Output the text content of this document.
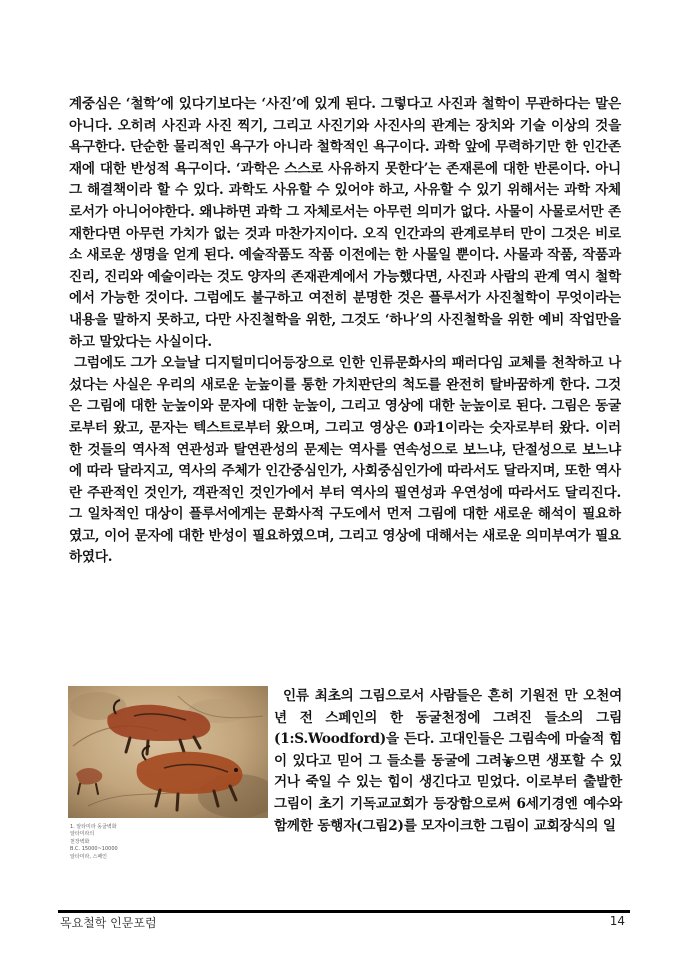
계중심은 ‘철학’에 있다기보다는 ‘사진’에 있게 된다. 그렇다고 사진과 철학이 무관하다는 말은 아니다. 오히려 사진과 사진 찍기, 그리고 사진기와 사진사의 관계는 장치와 기술 이상의 것을 욕구한다. 단순한 물리적인 욕구가 아니라 철학적인 욕구이다. 과학 앞에 무력하기만 한 인간존재에 대한 반성적 욕구이다. ‘과학은 스스로 사유하지 못한다’는 존재론에 대한 반론이다. 아니 그 해결책이라 할 수 있다. 과학도 사유할 수 있어야 하고, 사유할 수 있기 위해서는 과학 자체로서가 아니어야한다. 왜냐하면 과학 그 자체로서는 아무런 의미가 없다. 사물이 사물로서만 존재한다면 아무런 가치가 없는 것과 마찬가지이다. 오직 인간과의 관계로부터 만이 그것은 비로소 새로운 생명을 얻게 된다. 예술작품도 작품 이전에는 한 사물일 뿐이다. 사물과 작품, 작품과 진리, 진리와 예술이라는 것도 양자의 존재관계에서 가능했다면, 사진과 사람의 관계 역시 철학에서 가능한 것이다. 그럼에도 불구하고 여전히 분명한 것은 플루서가 사진철학이 무엇이라는 내용을 말하지 못하고, 다만 사진철학을 위한, 그것도 ‘하나’의 사진철학을 위한 예비 작업만을 하고 말았다는 사실이다.

그럼에도 그가 오늘날 디지털미디어등장으로 인한 인류문화사의 패러다임 교체를 천착하고 나섰다는 사실은 우리의 새로운 눈높이를 통한 가치판단의 척도를 완전히 탈바꿈하게 한다. 그것은 그림에 대한 눈높이와 문자에 대한 눈높이, 그리고 영상에 대한 눈높이로 된다. 그림은 동굴로부터 왔고, 문자는 텍스트로부터 왔으며, 그리고 영상은 0과1이라는 숫자로부터 왔다. 이러한 것들의 역사적 연관성과 탈연관성의 문제는 역사를 연속성으로 보느냐, 단절성으로 보느냐에 따라 달라지고, 역사의 주체가 인간중심인가, 사회중심인가에 따라서도 달라지며, 또한 역사란 주관적인 것인가, 객관적인 것인가에서 부터 역사의 필연성과 우연성에 따라서도 달리진다. 그 일차적인 대상이 플루서에게는 문화사적 구도에서 먼저 그림에 대한 새로운 해석이 필요하였고, 이어 문자에 대한 반성이 필요하였으며, 그리고 영상에 대해서는 새로운 의미부여가 필요하였다.

1. 알타미라 동굴벽화
알타미라의
천장벽화
B.C. 15000~10000
알타미라, 스페인

인류 최초의 그림으로서 사람들은 흔히 기원전 만 오천여 년 전 스페인의 한 동굴천정에 그려진 들소의 그림(1:S.Woodford)을 든다. 고대인들은 그림속에 마술적 힘이 있다고 믿어 그 들소를 동굴에 그려놓으면 생포할 수 있거나 죽일 수 있는 힘이 생긴다고 믿었다. 이로부터 출발한 그림이 초기 기독교교회가 등장함으로써 6세기경엔 예수와 함께한 동행자(그림2)를 모자이크한 그림이 교회장식의 일

목요철학 인문포럼	14
